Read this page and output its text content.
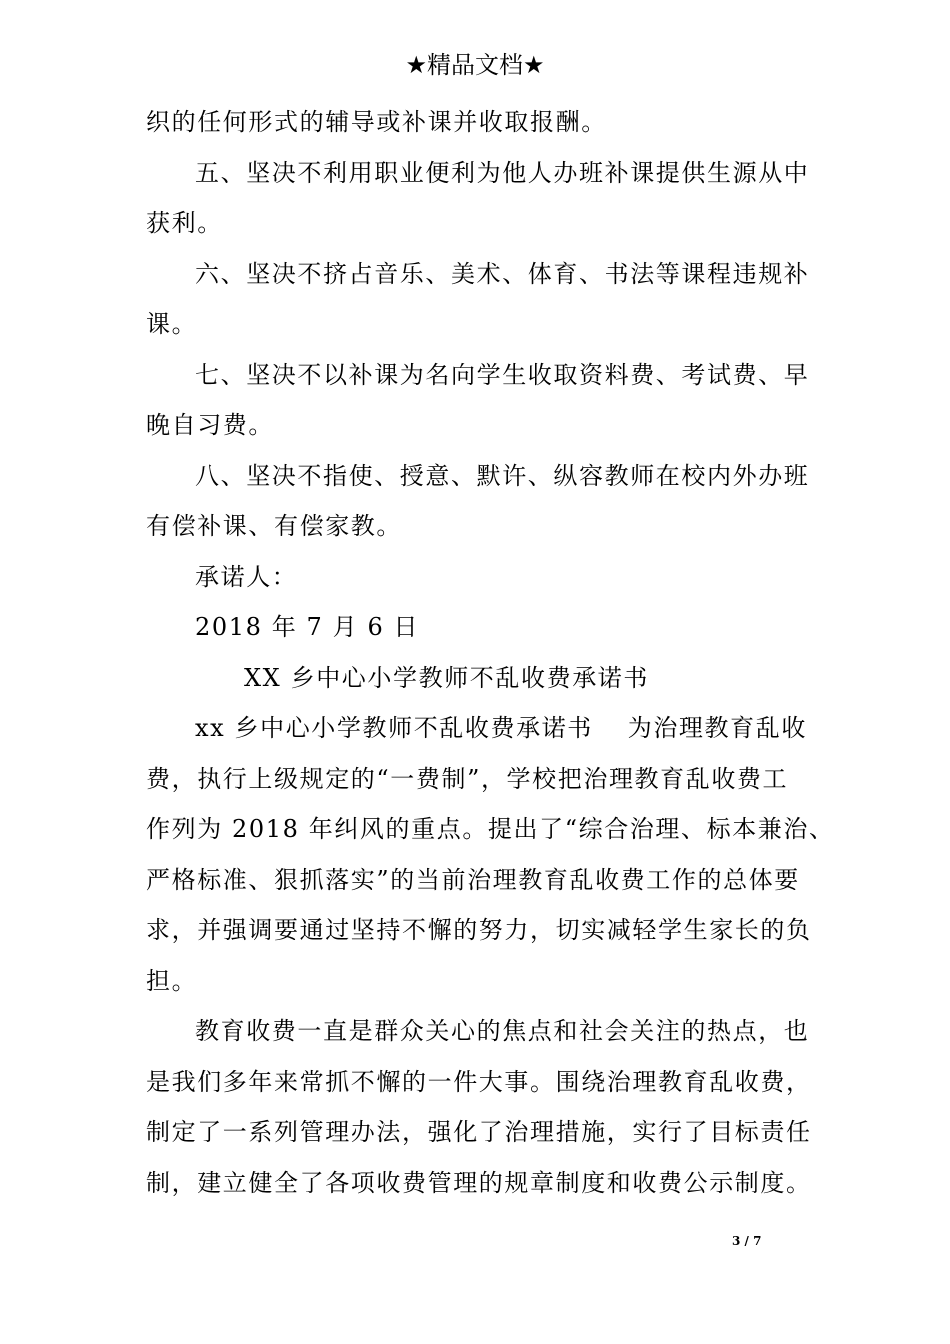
★精品文档★
织的任何形式的辅导或补课并收取报酬。
五、坚决不利用职业便利为他人办班补课提供生源从中
获利。
六、坚决不挤占音乐、美术、体育、书法等课程违规补
课。
七、坚决不以补课为名向学生收取资料费、考试费、早
晚自习费。
八、坚决不指使、授意、默许、纵容教师在校内外办班
有偿补课、有偿家教。
承诺人：
2018 年 7 月 6 日
XX 乡中心小学教师不乱收费承诺书
xx 乡中心小学教师不乱收费承诺书　 为治理教育乱收
费，执行上级规定的“一费制”，学校把治理教育乱收费工
作列为 2018 年纠风的重点。提出了“综合治理、标本兼治、
严格标准、狠抓落实”的当前治理教育乱收费工作的总体要
求，并强调要通过坚持不懈的努力，切实减轻学生家长的负
担。
教育收费一直是群众关心的焦点和社会关注的热点，也
是我们多年来常抓不懈的一件大事。围绕治理教育乱收费，
制定了一系列管理办法，强化了治理措施，实行了目标责任
制，建立健全了各项收费管理的规章制度和收费公示制度。
3 / 7
